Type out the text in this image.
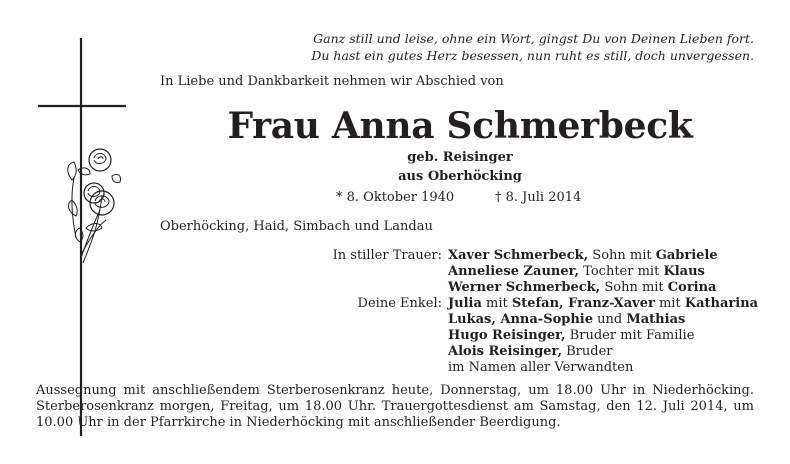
Ganz still und leise, ohne ein Wort, gingst Du von Deinen Lieben fort.
Du hast ein gutes Herz besessen, nun ruht es still, doch unvergessen.

In Liebe und Dankbarkeit nehmen wir Abschied von

Frau Anna Schmerbeck

geb. Reisinger

aus Oberhöcking

* 8. Oktober 1940	† 8. Juli 2014

Oberhöcking, Haid, Simbach und Landau

In stiller Trauer: Xaver Schmerbeck, Sohn mit Gabriele
Anneliese Zauner, Tochter mit Klaus
Werner Schmerbeck, Sohn mit Corina
Deine Enkel: Julia mit Stefan, Franz-Xaver mit Katharina
Lukas, Anna-Sophie und Mathias
Hugo Reisinger, Bruder mit Familie
Alois Reisinger, Bruder
im Namen aller Verwandten
Aussegnung mit anschließendem Sterberosenkranz heute, Donnerstag, um 18.00 Uhr in Niederhöcking.
Sterberosenkranz morgen, Freitag, um 18.00 Uhr. Trauergottesdienst am Samstag, den 12. Juli 2014, um
10.00 Uhr in der Pfarrkirche in Niederhöcking mit anschließender Beerdigung.
